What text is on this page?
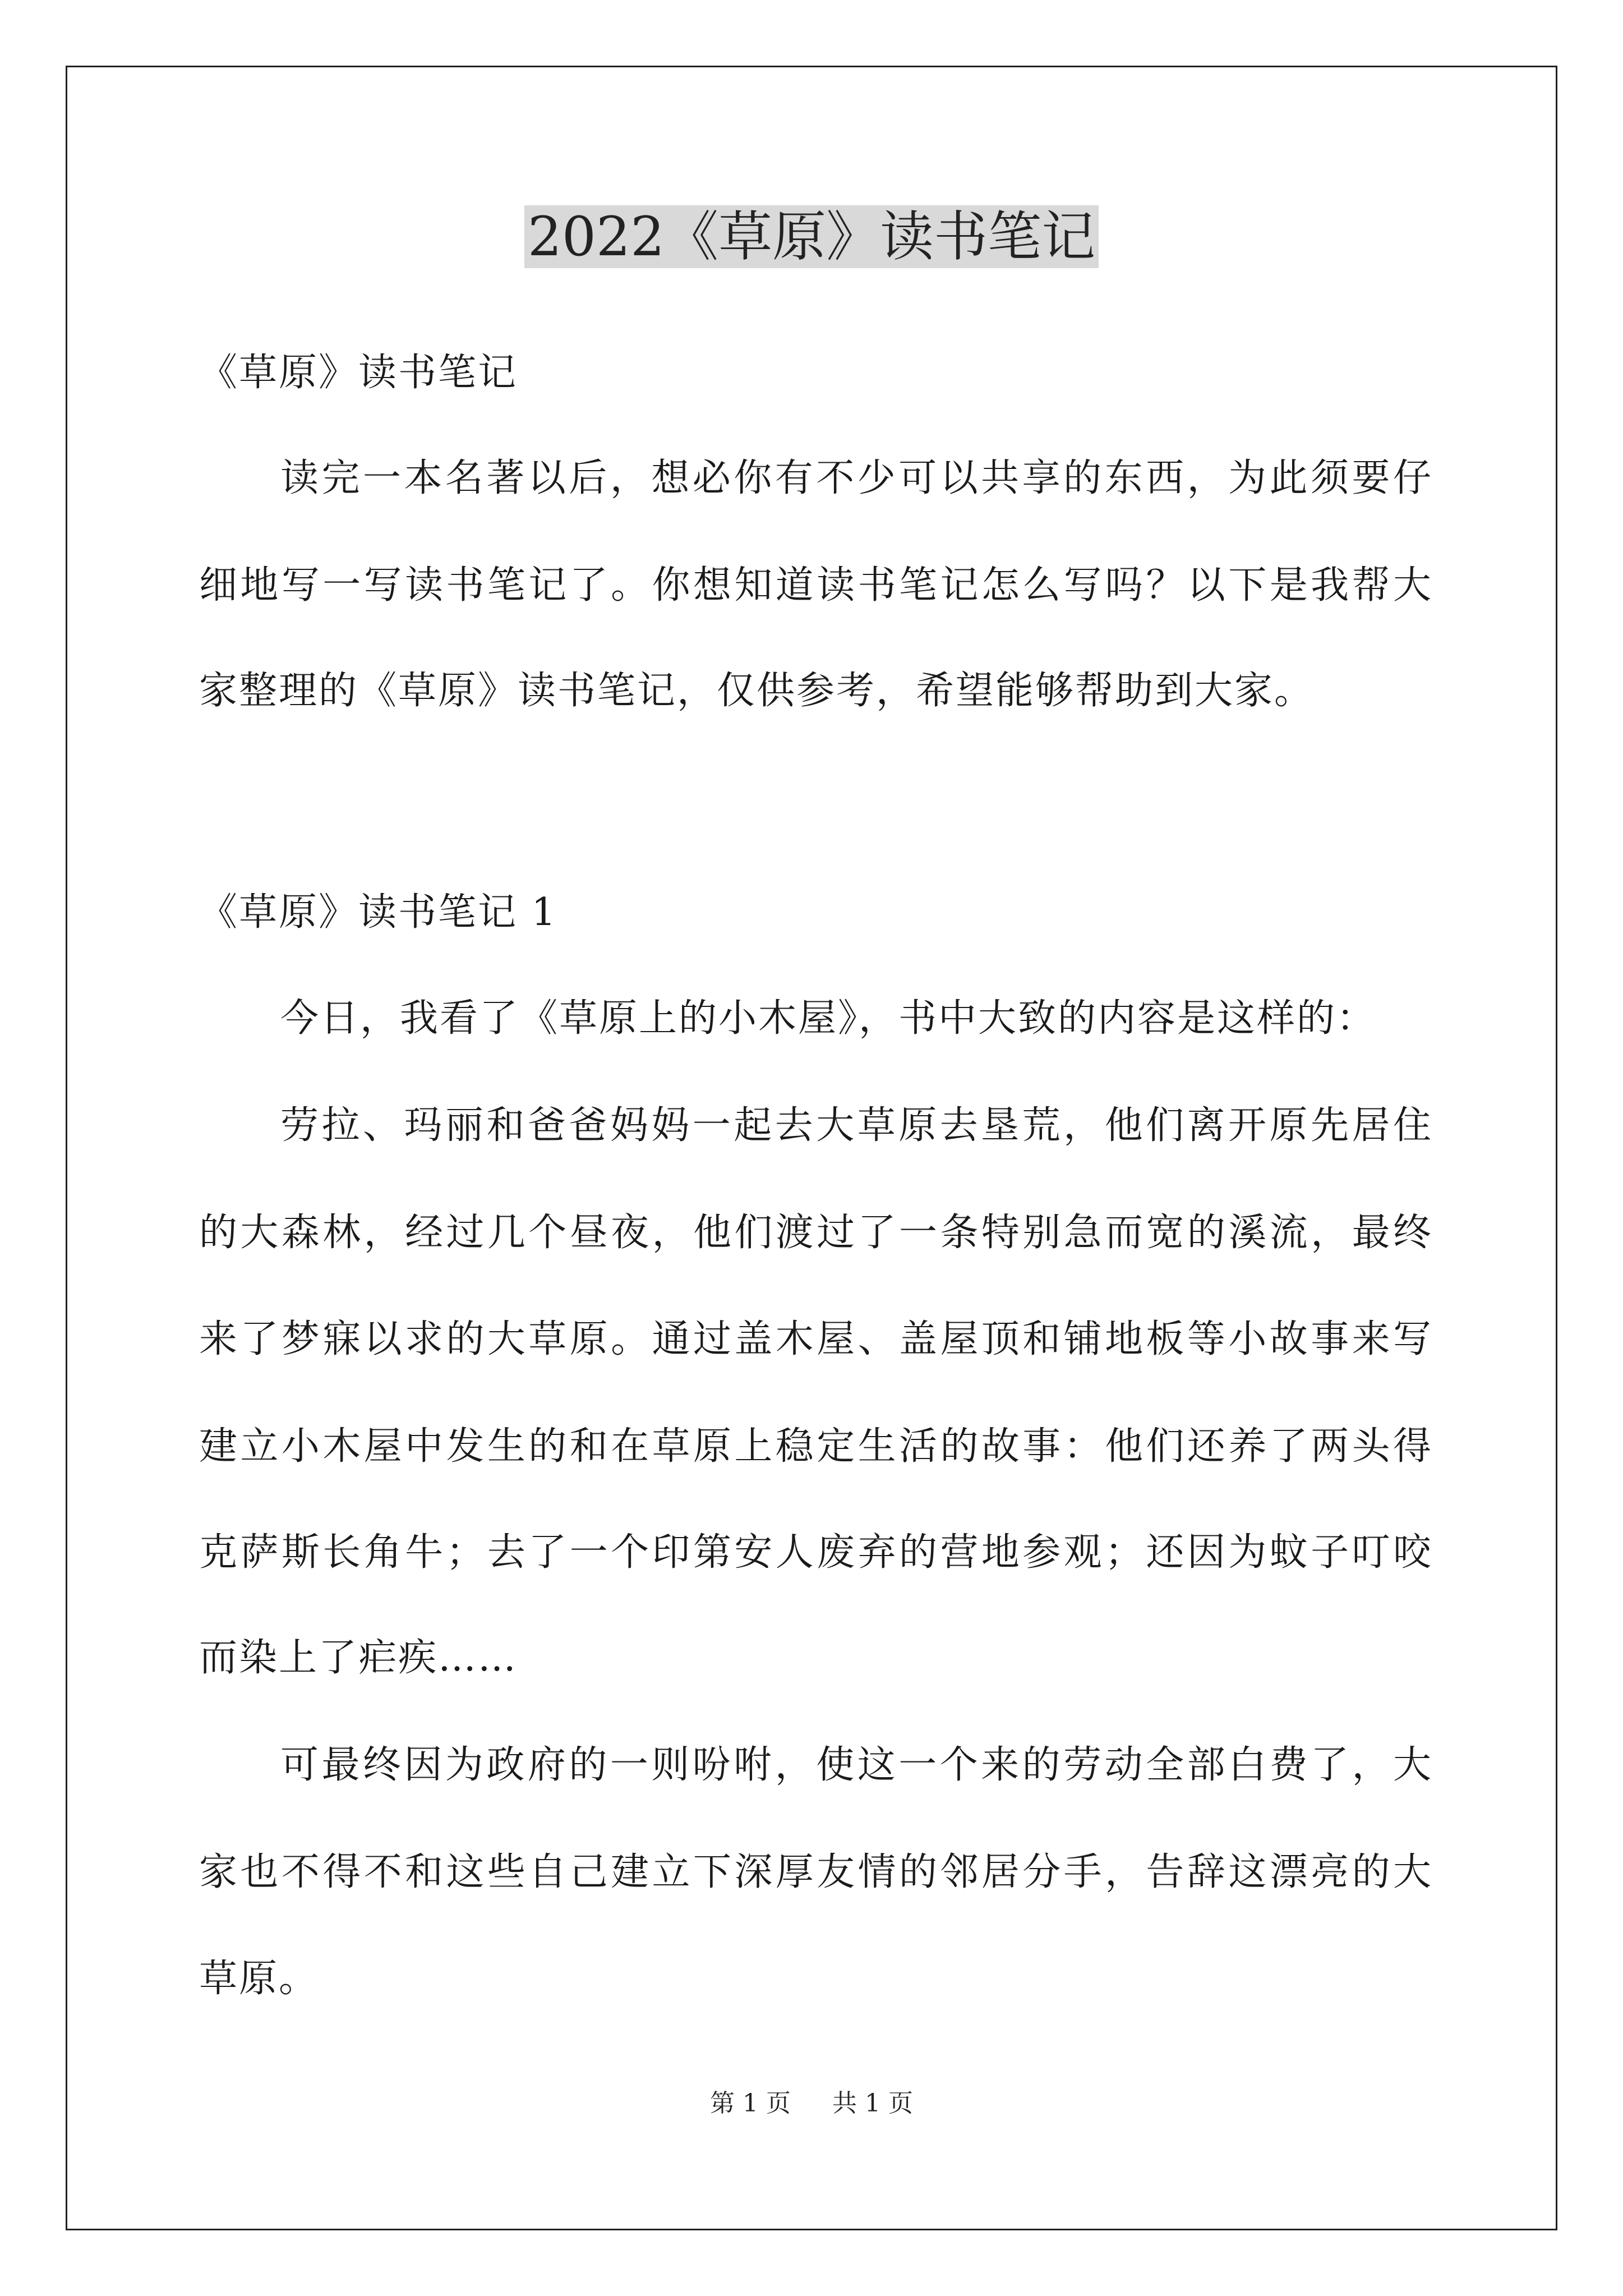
2022《草原》读书笔记
《草原》读书笔记
读完一本名著以后，想必你有不少可以共享的东西，为此须要仔
细地写一写读书笔记了。你想知道读书笔记怎么写吗？以下是我帮大
家整理的《草原》读书笔记，仅供参考，希望能够帮助到大家。
《草原》读书笔记 1
今日，我看了《草原上的小木屋》，书中大致的内容是这样的：
劳拉、玛丽和爸爸妈妈一起去大草原去垦荒，他们离开原先居住
的大森林，经过几个昼夜，他们渡过了一条特别急而宽的溪流，最终
来了梦寐以求的大草原。通过盖木屋、盖屋顶和铺地板等小故事来写
建立小木屋中发生的和在草原上稳定生活的故事：他们还养了两头得
克萨斯长角牛；去了一个印第安人废弃的营地参观；还因为蚊子叮咬
而染上了疟疾……
可最终因为政府的一则吩咐，使这一个来的劳动全部白费了，大
家也不得不和这些自己建立下深厚友情的邻居分手，告辞这漂亮的大
草原。
第 1 页 共 1 页
